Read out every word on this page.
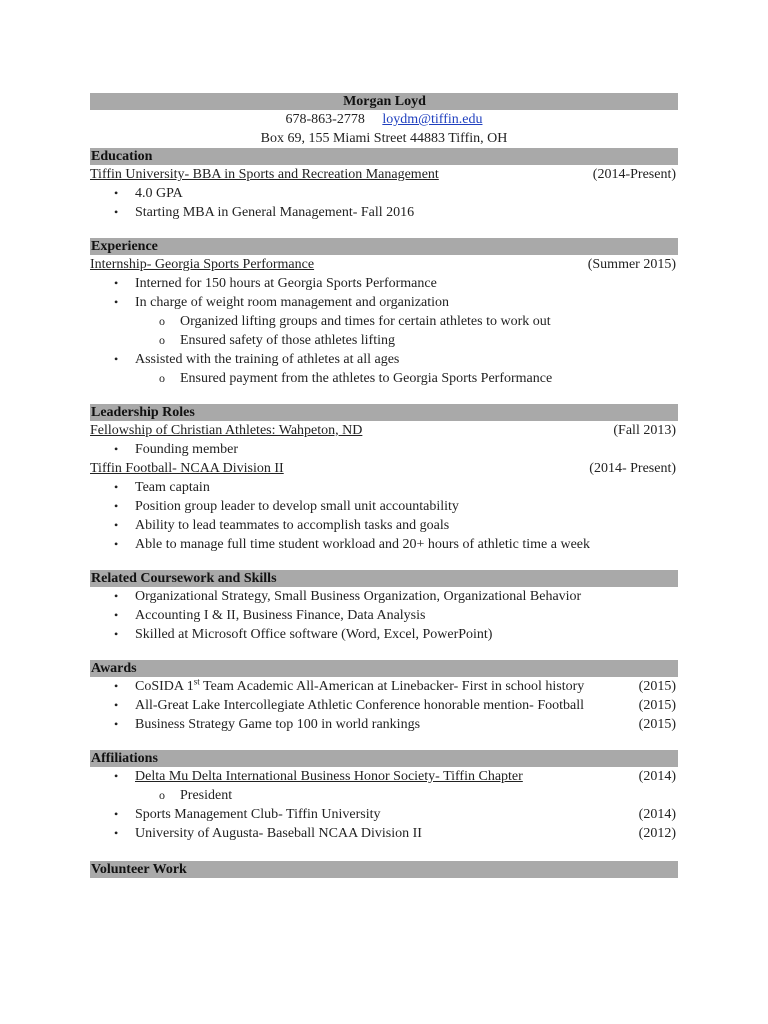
Morgan Loyd
678-863-2778 loydm@tiffin.edu
Box 69, 155 Miami Street 44883 Tiffin, OH
Education
Tiffin University- BBA in Sports and Recreation Management	(2014-Present)
• 4.0 GPA
• Starting MBA in General Management- Fall 2016
Experience
Internship- Georgia Sports Performance	(Summer 2015)
• Interned for 150 hours at Georgia Sports Performance
• In charge of weight room management and organization
o Organized lifting groups and times for certain athletes to work out
o Ensured safety of those athletes lifting
• Assisted with the training of athletes at all ages
o Ensured payment from the athletes to Georgia Sports Performance
Leadership Roles
Fellowship of Christian Athletes: Wahpeton, ND	(Fall 2013)
• Founding member
Tiffin Football- NCAA Division II	(2014- Present)
• Team captain
• Position group leader to develop small unit accountability
• Ability to lead teammates to accomplish tasks and goals
• Able to manage full time student workload and 20+ hours of athletic time a week
Related Coursework and Skills
• Organizational Strategy, Small Business Organization, Organizational Behavior
• Accounting I & II, Business Finance, Data Analysis
• Skilled at Microsoft Office software (Word, Excel, PowerPoint)
Awards
• CoSIDA 1st Team Academic All-American at Linebacker- First in school history	(2015)
• All-Great Lake Intercollegiate Athletic Conference honorable mention- Football	(2015)
• Business Strategy Game top 100 in world rankings	(2015)
Affiliations
• Delta Mu Delta International Business Honor Society- Tiffin Chapter	(2014)
o President
• Sports Management Club- Tiffin University	(2014)
• University of Augusta- Baseball NCAA Division II	(2012)
Volunteer Work
